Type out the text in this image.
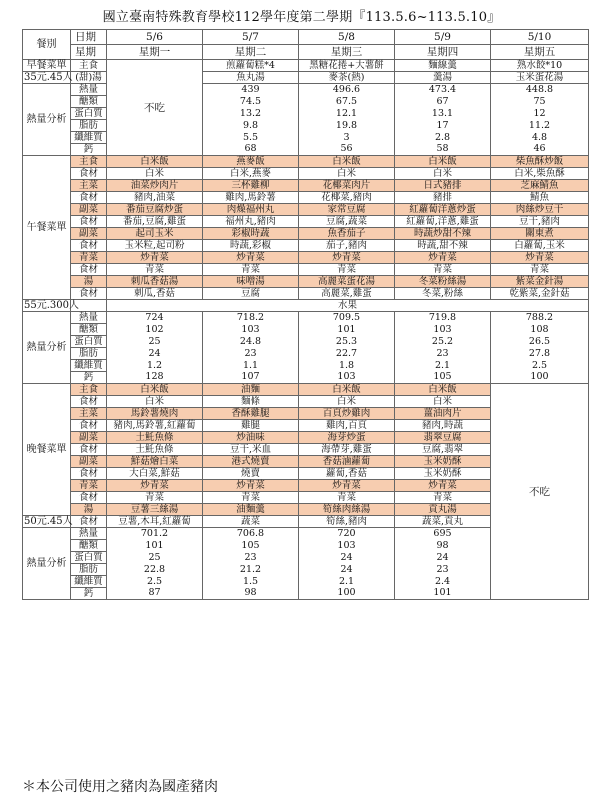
國立臺南特殊教育學校112學年度第二學期『113.5.6~113.5.10』
餐別	日期	5/6	5/7	5/8	5/9	5/10
	星期	星期一	星期二	星期三	星期四	星期五
早餐菜單	主食	不吃	煎蘿蔔糕*4	黑糖花捲+大薯餅	麵線羹	熟水餃*10
35元.45人	(甜)湯		魚丸湯	麥茶(熱)	羹湯	玉米蛋花湯
熱量分析	熱量		439	496.6	473.4	448.8
	醣類		74.5	67.5	67	75
	蛋白質		13.2	12.1	13.1	12
	脂肪		9.8	19.8	17	11.2
	纖維質		5.5	3	2.8	4.8
	鈣		68	56	58	46
午餐菜單	主食	白米飯	燕麥飯	白米飯	白米飯	柴魚酥炒飯
	食材	白米	白米,燕麥	白米	白米	白米,柴魚酥
	主菜	油菜炒肉片	三杯雞柳	花椰菜肉片	日式豬排	芝麻鯖魚
	食材	豬肉,油菜	雞肉,馬鈴薯	花椰菜,豬肉	豬排	鯖魚
	副菜	番茄豆腐炒蛋	肉燥福州丸	家常豆腐	紅蘿蔔洋蔥炒蛋	肉絲炒豆干
	食材	番茄,豆腐,雞蛋	福州丸,豬肉	豆腐,蔬菜	紅蘿蔔,洋蔥,雞蛋	豆干,豬肉
	副菜	起司玉米	彩椒時蔬	魚香茄子	時蔬炒甜不辣	關東煮
	食材	玉米粒,起司粉	時蔬,彩椒	茄子,豬肉	時蔬,甜不辣	白蘿蔔,玉米
	青菜	炒青菜	炒青菜	炒青菜	炒青菜	炒青菜
	食材	青菜	青菜	青菜	青菜	青菜
	湯	刺瓜香菇湯	味噌湯	高麗菜蛋花湯	冬菜粉絲湯	紫菜金針湯
	食材	刺瓜,香菇	豆腐	高麗菜,雞蛋	冬菜,粉絲	乾紫菜,金針菇
55元.300人		水果				
熱量分析	熱量	724	718.2	709.5	719.8	788.2
	醣類	102	103	101	103	108
	蛋白質	25	24.8	25.3	25.2	26.5
	脂肪	24	23	22.7	23	27.8
	纖維質	1.2	1.1	1.8	2.1	2.5
	鈣	128	107	103	105	100
晚餐菜單	主食	白米飯	油麵	白米飯	白米飯	不吃
	食材	白米	麵條	白米	白米	
	主菜	馬鈴薯燒肉	香酥雞腿	百頁炒雞肉	薑油肉片	
	食材	豬肉,馬鈴薯,紅蘿蔔	雞腿	雞肉,百頁	豬肉,時蔬	
	副菜	土魠魚條	炒油味	海芽炒蛋	翡翠豆腐	
	食材	土魠魚條	豆干,米血	海帶芽,雞蛋	豆腐,翡翠	
	副菜	鮮菇燴白菜	港式燒賣	香菇滷蘿蔔	玉米奶酥	
	食材	大白菜,鮮菇	燒賣	蘿蔔,香菇	玉米奶酥	
	青菜	炒青菜	炒青菜	炒青菜	炒青菜	
	食材	青菜	青菜	青菜	青菜	
	湯	豆薯三絲湯	油麵羹	筍絲肉絲湯	貢丸湯	
50元.45人	食材	豆薯,木耳,紅蘿蔔	蔬菜	筍絲,豬肉	蔬菜,貢丸	
熱量分析	熱量	701.2	706.8	720	695	
	醣類	101	105	103	98	
	蛋白質	25	23	24	24	
	脂肪	22.8	21.2	24	23	
	纖維質	2.5	1.5	2.1	2.4	
	鈣	87	98	100	101	
＊本公司使用之豬肉為國產豬肉
